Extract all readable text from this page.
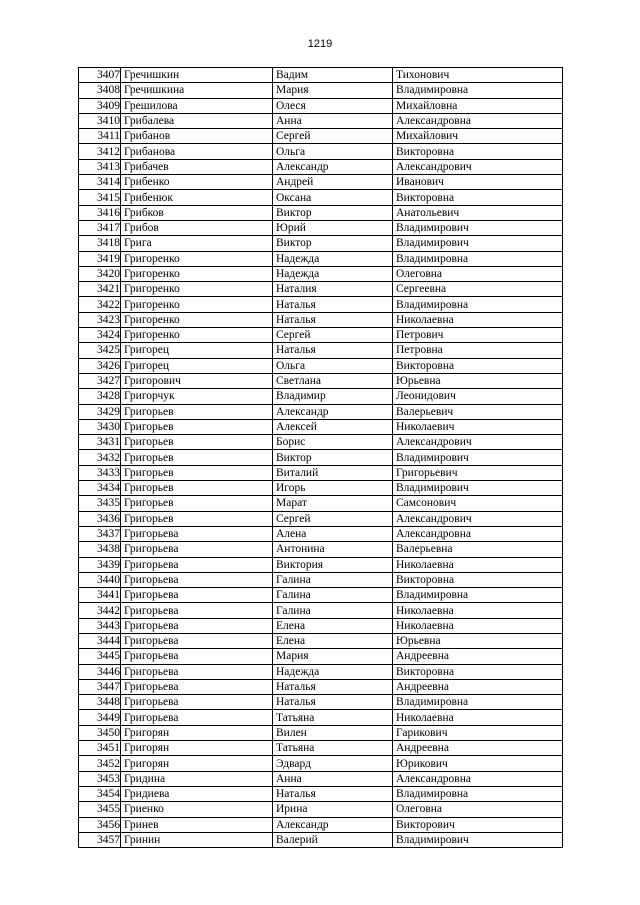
1219
3407	Гречишкин	Вадим	Тихонович
3408	Гречишкина	Мария	Владимировна
3409	Грешилова	Олеся	Михайловна
3410	Грибалева	Анна	Александровна
3411	Грибанов	Сергей	Михайлович
3412	Грибанова	Ольга	Викторовна
3413	Грибачев	Александр	Александрович
3414	Грибенко	Андрей	Иванович
3415	Грибенюк	Оксана	Викторовна
3416	Грибков	Виктор	Анатольевич
3417	Грибов	Юрий	Владимирович
3418	Грига	Виктор	Владимирович
3419	Григоренко	Надежда	Владимировна
3420	Григоренко	Надежда	Олеговна
3421	Григоренко	Наталия	Сергеевна
3422	Григоренко	Наталья	Владимировна
3423	Григоренко	Наталья	Николаевна
3424	Григоренко	Сергей	Петрович
3425	Григорец	Наталья	Петровна
3426	Григорец	Ольга	Викторовна
3427	Григорович	Светлана	Юрьевна
3428	Григорчук	Владимир	Леонидович
3429	Григорьев	Александр	Валерьевич
3430	Григорьев	Алексей	Николаевич
3431	Григорьев	Борис	Александрович
3432	Григорьев	Виктор	Владимирович
3433	Григорьев	Виталий	Григорьевич
3434	Григорьев	Игорь	Владимирович
3435	Григорьев	Марат	Самсонович
3436	Григорьев	Сергей	Александрович
3437	Григорьева	Алена	Александровна
3438	Григорьева	Антонина	Валерьевна
3439	Григорьева	Виктория	Николаевна
3440	Григорьева	Галина	Викторовна
3441	Григорьева	Галина	Владимировна
3442	Григорьева	Галина	Николаевна
3443	Григорьева	Елена	Николаевна
3444	Григорьева	Елена	Юрьевна
3445	Григорьева	Мария	Андреевна
3446	Григорьева	Надежда	Викторовна
3447	Григорьева	Наталья	Андреевна
3448	Григорьева	Наталья	Владимировна
3449	Григорьева	Татьяна	Николаевна
3450	Григорян	Вилен	Гарикович
3451	Григорян	Татьяна	Андреевна
3452	Григорян	Эдвард	Юрикович
3453	Гридина	Анна	Александровна
3454	Гридиева	Наталья	Владимировна
3455	Гриенко	Ирина	Олеговна
3456	Гринев	Александр	Викторович
3457	Гринин	Валерий	Владимирович
